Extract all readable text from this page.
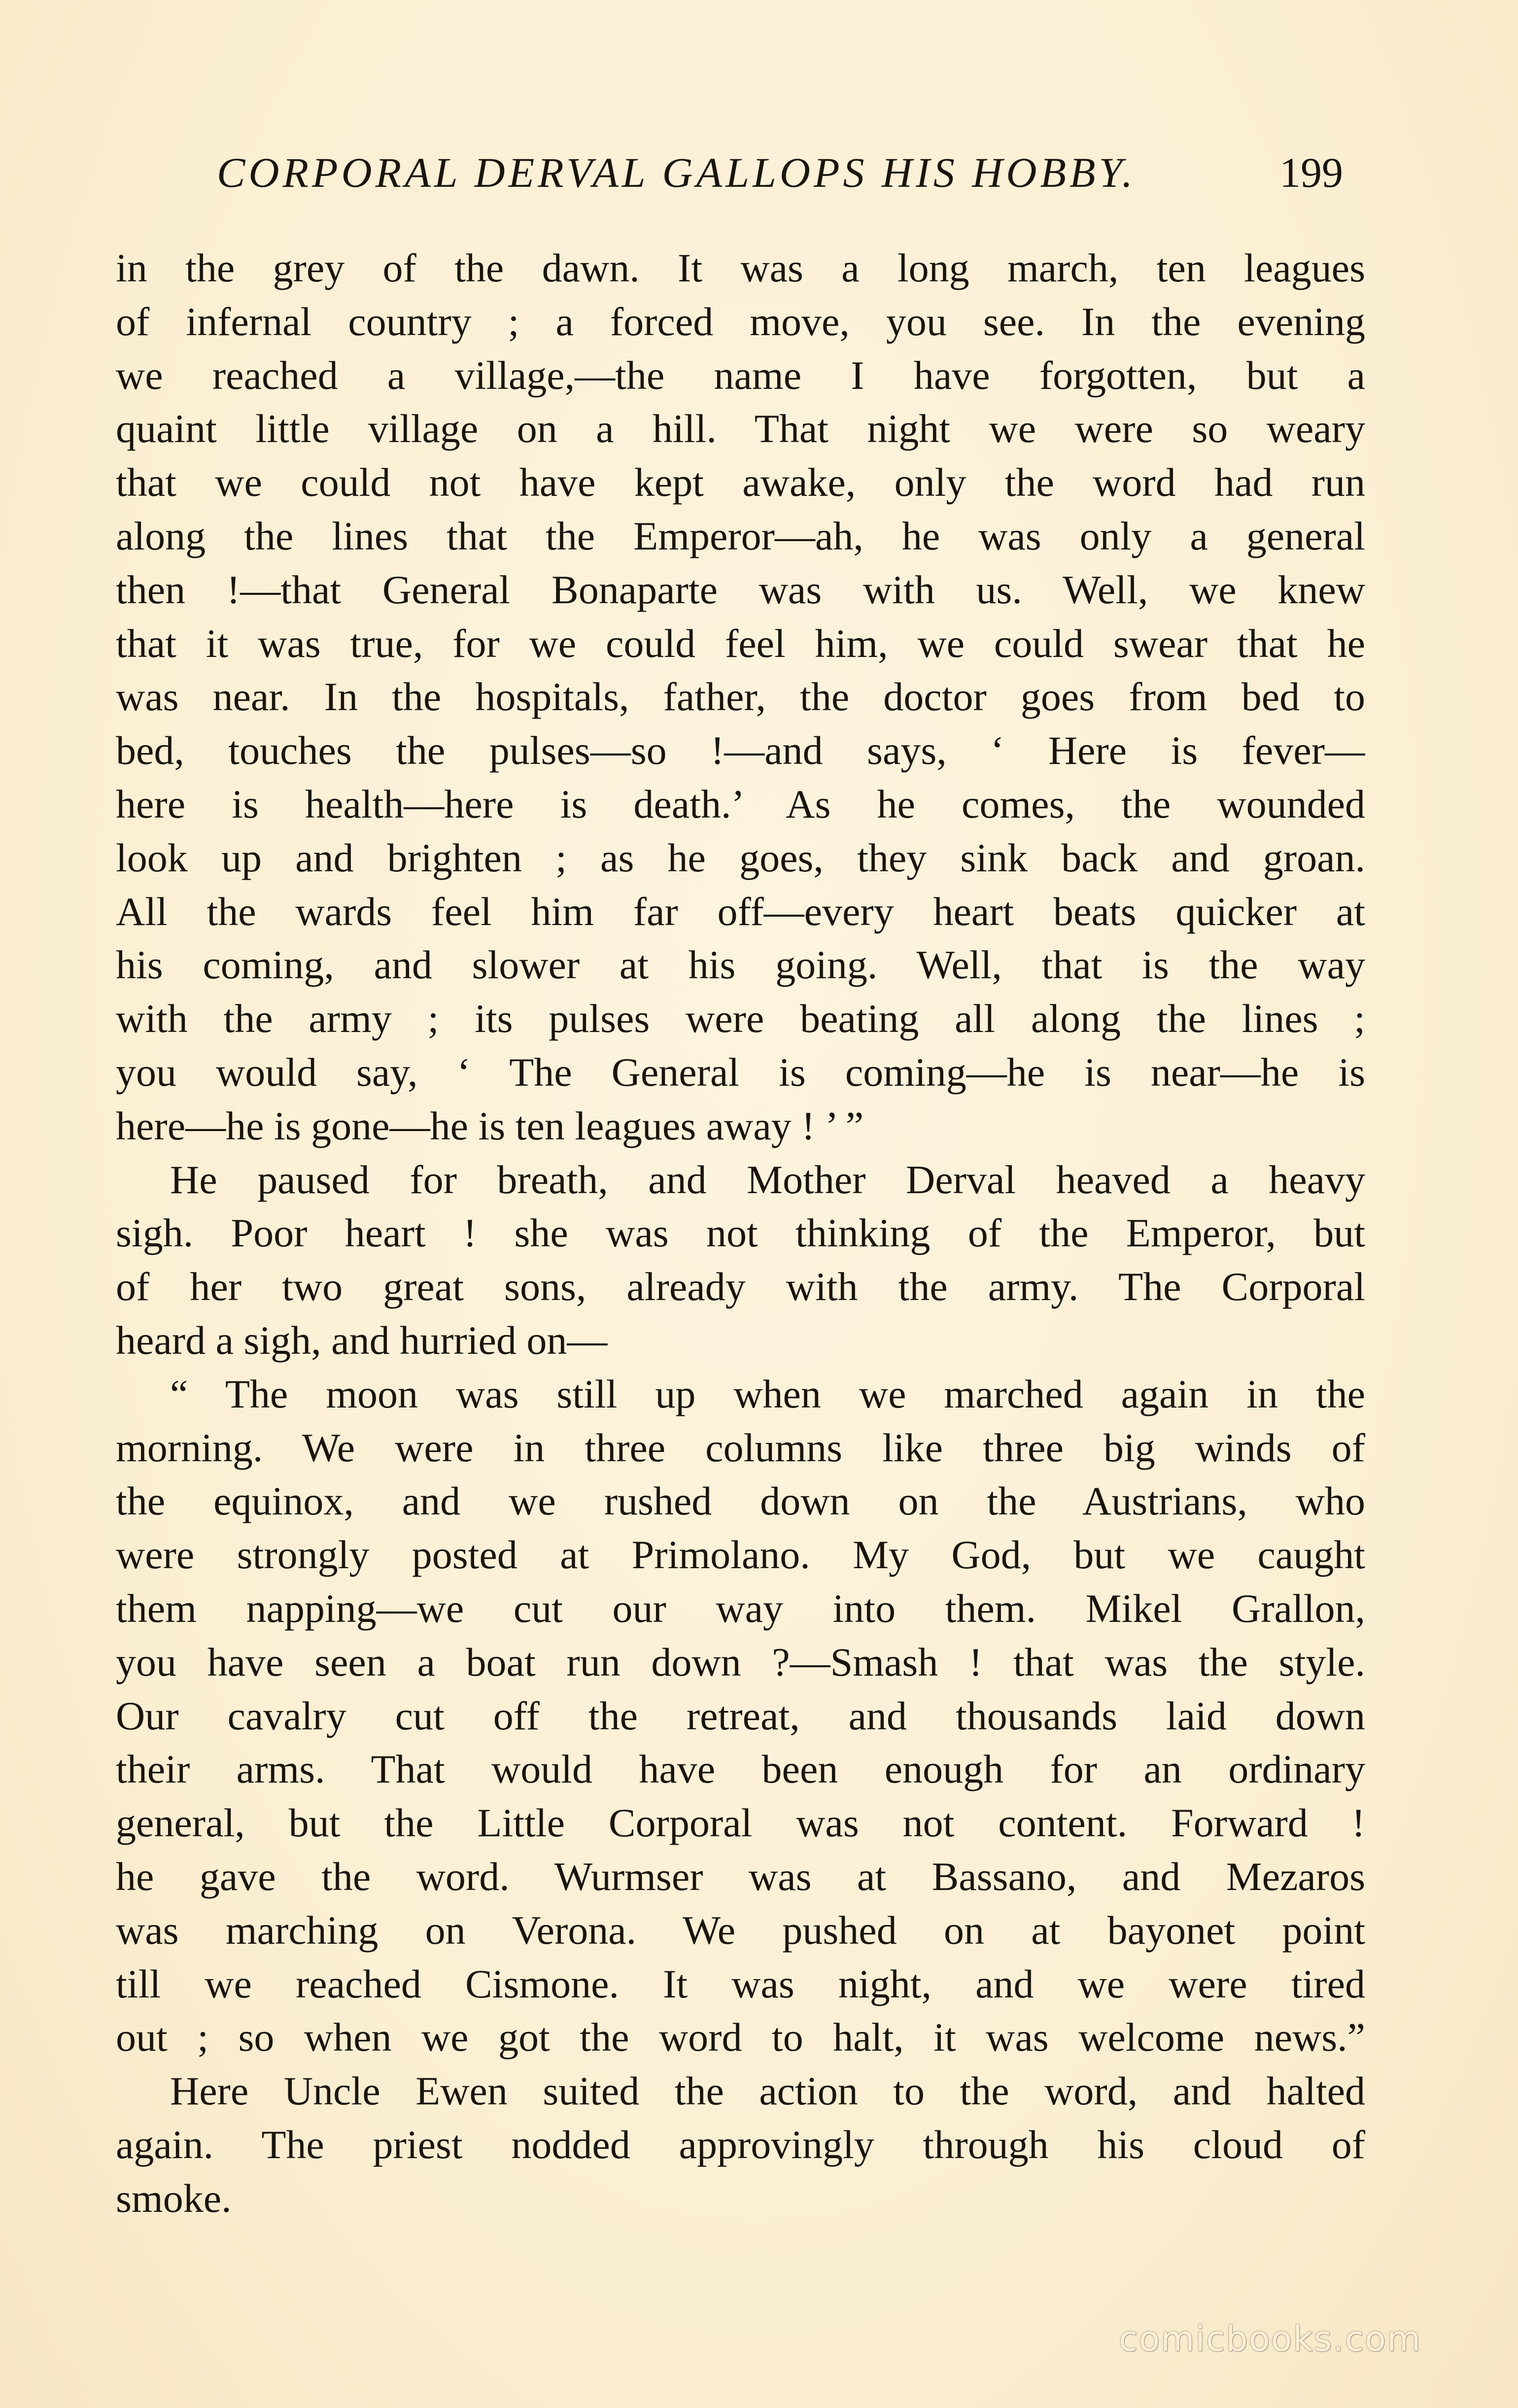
CORPORAL DERVAL GALLOPS HIS HOBBY.	199
in the grey of the dawn. It was a long march, ten leagues
of infernal country ; a forced move, you see. In the evening
we reached a village,—the name I have forgotten, but a
quaint little village on a hill. That night we were so weary
that we could not have kept awake, only the word had run
along the lines that the Emperor—ah, he was only a general
then !—that General Bonaparte was with us. Well, we knew
that it was true, for we could feel him, we could swear that he
was near. In the hospitals, father, the doctor goes from bed to
bed, touches the pulses—so !—and says, ‘ Here is fever—
here is health—here is death.’ As he comes, the wounded
look up and brighten ; as he goes, they sink back and groan.
All the wards feel him far off—every heart beats quicker at
his coming, and slower at his going. Well, that is the way
with the army ; its pulses were beating all along the lines ;
you would say, ‘ The General is coming—he is near—he is
here—he is gone—he is ten leagues away ! ’ ”
He paused for breath, and Mother Derval heaved a heavy
sigh. Poor heart ! she was not thinking of the Emperor, but
of her two great sons, already with the army. The Corporal
heard a sigh, and hurried on—
“ The moon was still up when we marched again in the
morning. We were in three columns like three big winds of
the equinox, and we rushed down on the Austrians, who
were strongly posted at Primolano. My God, but we caught
them napping—we cut our way into them. Mikel Grallon,
you have seen a boat run down ?—Smash ! that was the style.
Our cavalry cut off the retreat, and thousands laid down
their arms. That would have been enough for an ordinary
general, but the Little Corporal was not content. Forward !
he gave the word. Wurmser was at Bassano, and Mezaros
was marching on Verona. We pushed on at bayonet point
till we reached Cismone. It was night, and we were tired
out ; so when we got the word to halt, it was welcome news.”
Here Uncle Ewen suited the action to the word, and halted
again. The priest nodded approvingly through his cloud of
smoke.
comicbooks.com
